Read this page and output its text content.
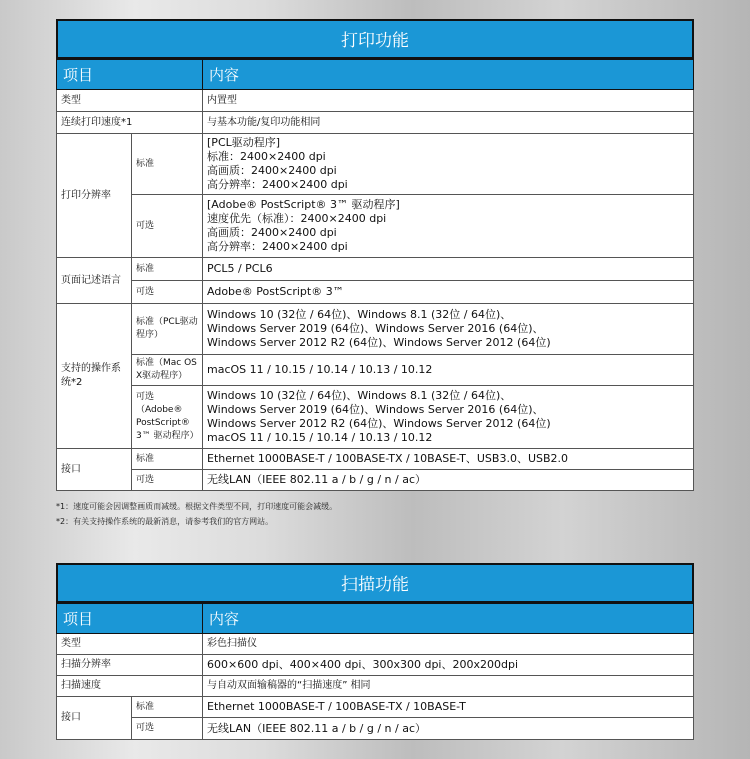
打印功能
项目		内容
类型		内置型
连续打印速度*1		与基本功能/复印功能相同
打印分辨率	标准	[PCL驱动程序]
标准：2400×2400 dpi
高画质：2400×2400 dpi
高分辨率：2400×2400 dpi

	可选	[Adobe® PostScript® 3™ 驱动程序]
速度优先（标准）：2400×2400 dpi
高画质：2400×2400 dpi
高分辨率：2400×2400 dpi

页面记述语言	标准	PCL5 / PCL6
	可选	Adobe® PostScript® 3™
支持的操作系统*2	标准（PCL驱动程序）	Windows 10 (32位 / 64位)、Windows 8.1 (32位 / 64位)、
Windows Server 2019 (64位)、Windows Server 2016 (64位)、
Windows Server 2012 R2 (64位)、Windows Server 2012 (64位)

	标准（Mac OS X驱动程序）	macOS 11 / 10.15 / 10.14 / 10.13 / 10.12
	可选（Adobe® PostScript® 3™ 驱动程序）	Windows 10 (32位 / 64位)、Windows 8.1 (32位 / 64位)、
Windows Server 2019 (64位)、Windows Server 2016 (64位)、
Windows Server 2012 R2 (64位)、Windows Server 2012 (64位)
macOS 11 / 10.15 / 10.14 / 10.13 / 10.12

接口	标准	Ethernet 1000BASE-T / 100BASE-TX / 10BASE-T、USB3.0、USB2.0
	可选	无线LAN（IEEE 802.11 a / b / g / n / ac）
*1：速度可能会因调整画质而减缓。根据文件类型不同，打印速度可能会减缓。
*2：有关支持操作系统的最新消息，请参考我们的官方网站。
扫描功能
项目		内容
类型		彩色扫描仪
扫描分辨率		600×600 dpi、400×400 dpi、300x300 dpi、200x200dpi
扫描速度		与自动双面输稿器的“扫描速度” 相同
接口	标准	Ethernet 1000BASE-T / 100BASE-TX / 10BASE-T
	可选	无线LAN（IEEE 802.11 a / b / g / n / ac）
